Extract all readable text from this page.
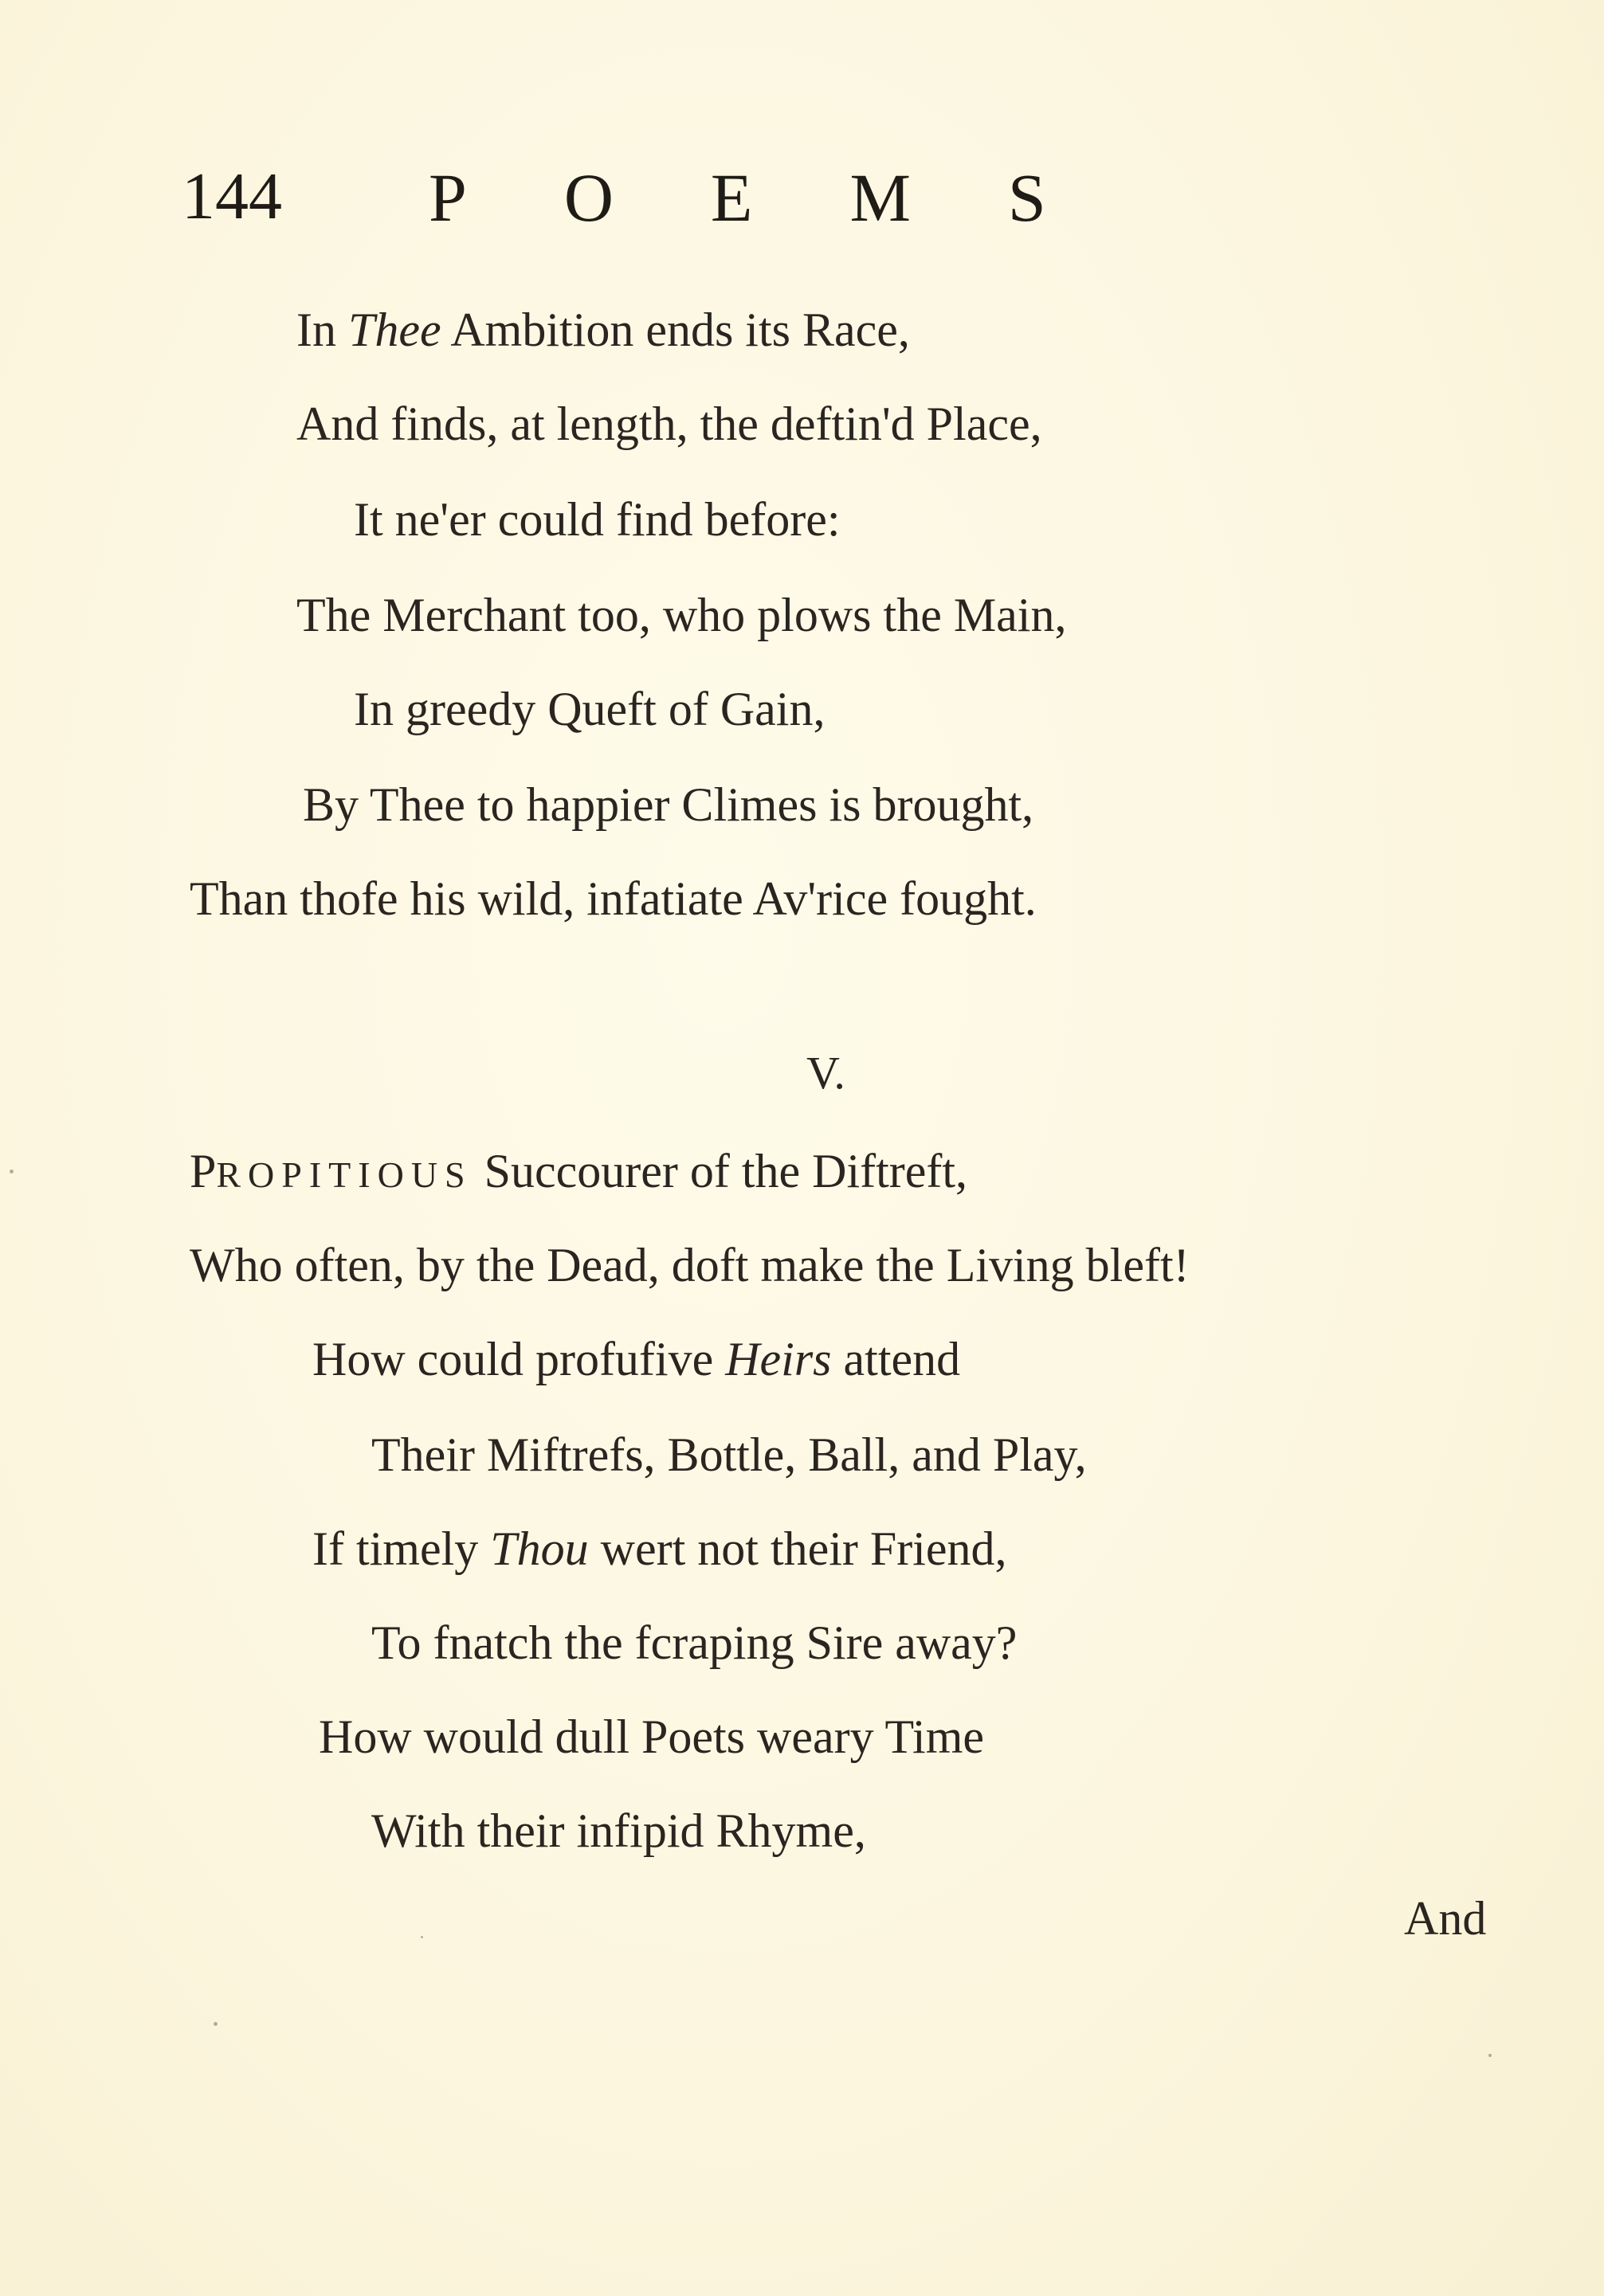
144 POEMS
In Thee Ambition ends its Race,
And finds, at length, the deftin'd Place,
It ne'er could find before:
The Merchant too, who plows the Main,
In greedy Queft of Gain,
By Thee to happier Climes is brought,
Than thofe his wild, infatiate Av'rice fought.
V.
PROPITIOUS Succourer of the Diftreft,
Who often, by the Dead, doft make the Living bleft!
How could profufive Heirs attend
Their Miftrefs, Bottle, Ball, and Play,
If timely Thou wert not their Friend,
To fnatch the fcraping Sire away?
How would dull Poets weary Time
With their infipid Rhyme,
And
